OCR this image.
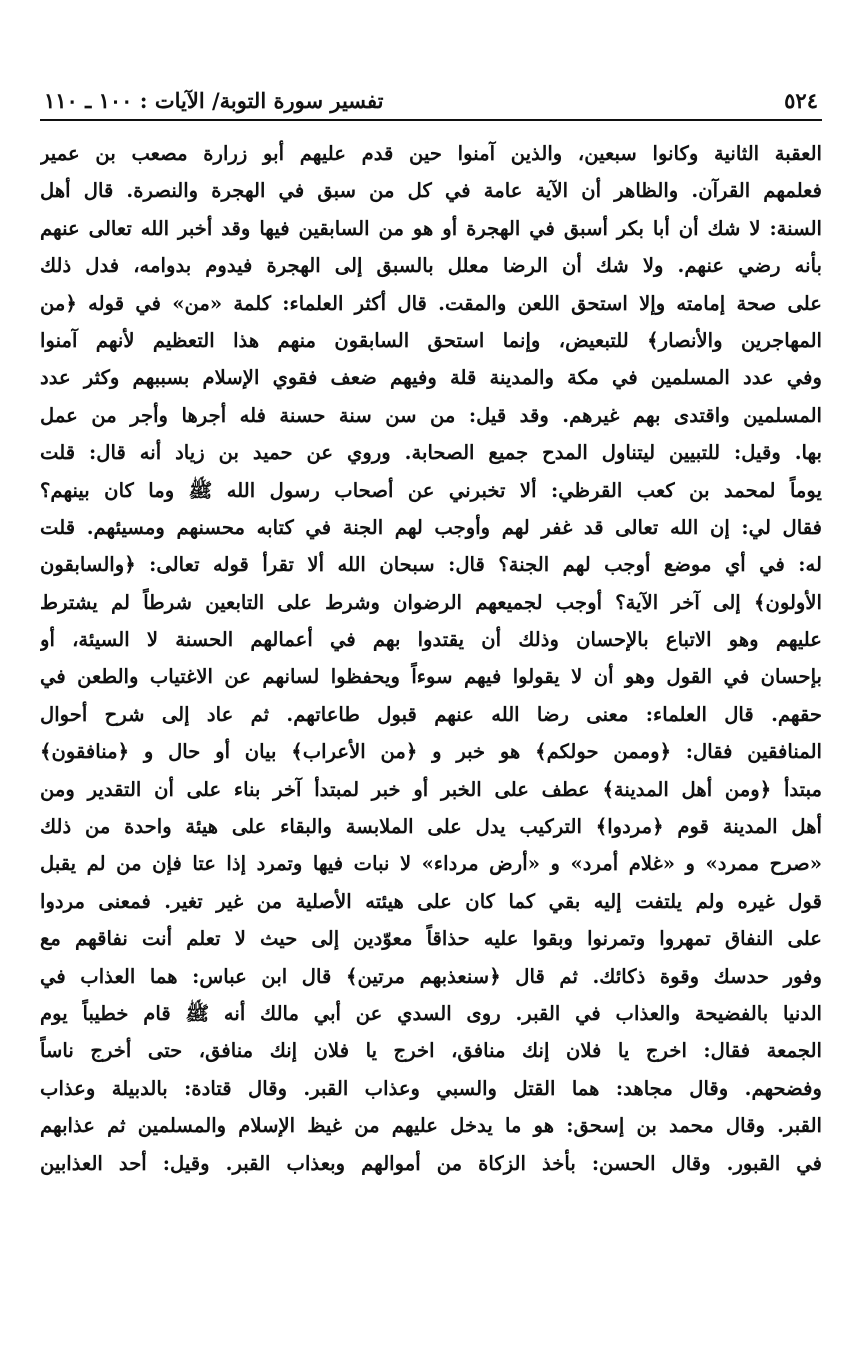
٥٢٤
تفسير سورة التوبة/ الآيات : ١٠٠ ـ ١١٠
العقبة الثانية وكانوا سبعين، والذين آمنوا حين قدم عليهم أبو زرارة مصعب بن عمير
فعلمهم القرآن. والظاهر أن الآية عامة في كل من سبق في الهجرة والنصرة. قال أهل
السنة: لا شك أن أبا بكر أسبق في الهجرة أو هو من السابقين فيها وقد أخبر الله تعالى عنهم
بأنه رضي عنهم. ولا شك أن الرضا معلل بالسبق إلى الهجرة فيدوم بدوامه، فدل ذلك
على صحة إمامته وإلا استحق اللعن والمقت. قال أكثر العلماء: كلمة «من» في قوله ﴿من
المهاجرين والأنصار﴾ للتبعيض، وإنما استحق السابقون منهم هذا التعظيم لأنهم آمنوا
وفي عدد المسلمين في مكة والمدينة قلة وفيهم ضعف فقوي الإسلام بسببهم وكثر عدد
المسلمين واقتدى بهم غيرهم. وقد قيل: من سن سنة حسنة فله أجرها وأجر من عمل
بها. وقيل: للتبيين ليتناول المدح جميع الصحابة. وروي عن حميد بن زياد أنه قال: قلت
يوماً لمحمد بن كعب القرظي: ألا تخبرني عن أصحاب رسول الله ﷺ وما كان بينهم؟
فقال لي: إن الله تعالى قد غفر لهم وأوجب لهم الجنة في كتابه محسنهم ومسيئهم. قلت
له: في أي موضع أوجب لهم الجنة؟ قال: سبحان الله ألا تقرأ قوله تعالى: ﴿والسابقون
الأولون﴾ إلى آخر الآية؟ أوجب لجميعهم الرضوان وشرط على التابعين شرطاً لم يشترط
عليهم وهو الاتباع بالإحسان وذلك أن يقتدوا بهم في أعمالهم الحسنة لا السيئة، أو
بإحسان في القول وهو أن لا يقولوا فيهم سوءاً ويحفظوا لسانهم عن الاغتياب والطعن في
حقهم. قال العلماء: معنى رضا الله عنهم قبول طاعاتهم. ثم عاد إلى شرح أحوال
المنافقين فقال: ﴿وممن حولكم﴾ هو خبر و ﴿من الأعراب﴾ بيان أو حال و ﴿منافقون﴾
مبتدأ ﴿ومن أهل المدينة﴾ عطف على الخبر أو خبر لمبتدأ آخر بناء على أن التقدير ومن
أهل المدينة قوم ﴿مردوا﴾ التركيب يدل على الملابسة والبقاء على هيئة واحدة من ذلك
«صرح ممرد» و «غلام أمرد» و «أرض مرداء» لا نبات فيها وتمرد إذا عتا فإن من لم يقبل
قول غيره ولم يلتفت إليه بقي كما كان على هيئته الأصلية من غير تغير. فمعنى مردوا
على النفاق تمهروا وتمرنوا وبقوا عليه حذاقاً معوّدين إلى حيث لا تعلم أنت نفاقهم مع
وفور حدسك وقوة ذكائك. ثم قال ﴿سنعذبهم مرتين﴾ قال ابن عباس: هما العذاب في
الدنيا بالفضيحة والعذاب في القبر. روى السدي عن أبي مالك أنه ﷺ قام خطيباً يوم
الجمعة فقال: اخرج يا فلان إنك منافق، اخرج يا فلان إنك منافق، حتى أخرج ناساً
وفضحهم. وقال مجاهد: هما القتل والسبي وعذاب القبر. وقال قتادة: بالدبيلة وعذاب
القبر. وقال محمد بن إسحق: هو ما يدخل عليهم من غيظ الإسلام والمسلمين ثم عذابهم
في القبور. وقال الحسن: بأخذ الزكاة من أموالهم وبعذاب القبر. وقيل: أحد العذابين
